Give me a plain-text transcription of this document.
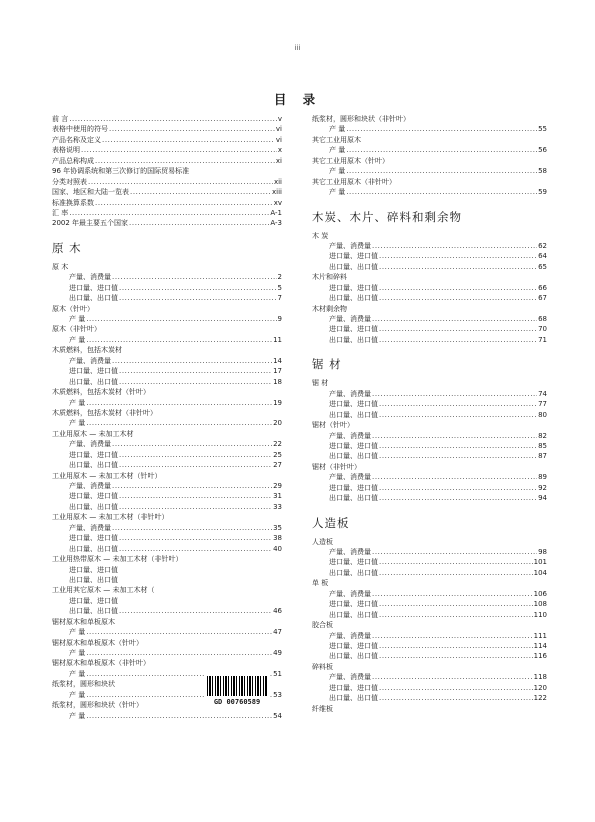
iii
目 录
前 言 .....	v
表格中使用的符号 .....	vi
产品名称及定义 .....	vi
表格说明 .....	x
产品总称构成 .....	xi
96 年协调系统和第三次修订的国际贸易标准
分类对照表 .....	xii
国家、地区和大陆一览表 .....	xiii
标准换算系数 .....	xv
汇 率 .....	A-1
2002 年最主要五个国家 .....	A-3
原 木
原 木
产量、消费量 .....	2
进口量、进口值 .....	5
出口量、出口值 .....	7
原木（针叶）
产 量 .....	9
原木（非针叶）
产 量 .....	11
木质燃料，包括木炭材
产量、消费量 .....	14
进口量、进口值 .....	17
出口量、出口值 .....	18
木质燃料，包括木炭材（针叶）
产 量 .....	19
木质燃料，包括木炭材（非针叶）
产 量 .....	20
工业用原木 — 未加工木材
产量、消费量 .....	22
进口量、进口值 .....	25
出口量、出口值 .....	27
工业用原木 — 未加工木材（针叶）
产量、消费量 .....	29
进口量、进口值 .....	31
出口量、出口值 .....	33
工业用原木 — 未加工木材（非针叶）
产量、消费量 .....	35
进口量、进口值 .....	38
出口量、出口值 .....	40
工业用热带原木 — 未加工木材（非针叶）
进口量、进口值
出口量、出口值
工业用其它原木 — 未加工木材（
进口量、进口值
出口量、出口值 .....	46
锯材原木和单板原木
产 量 .....	47
锯材原木和单板原木（针叶）
产 量 .....	49
锯材原木和单板原木（非针叶）
产 量 .....	51
纸浆材，圆形和块状
产 量 .....	53
纸浆材，圆形和块状（针叶）
产 量 .....	54
纸浆材，圆形和块状（非针叶）
产 量 .....	55
其它工业用原木
产 量 .....	56
其它工业用原木（针叶）
产 量 .....	58
其它工业用原木（非针叶）
产 量 .....	59
木炭、木片、碎料和剩余物
木 炭
产量、消费量 .....	62
进口量、进口值 .....	64
出口量、出口值 .....	65
木片和碎料
进口量、进口值 .....	66
出口量、出口值 .....	67
木材剩余物
产量、消费量 .....	68
进口量、进口值 .....	70
出口量、出口值 .....	71
锯 材
锯 材
产量、消费量 .....	74
进口量、进口值 .....	77
出口量、出口值 .....	80
锯材（针叶）
产量、消费量 .....	82
进口量、进口值 .....	85
出口量、出口值 .....	87
锯材（非针叶）
产量、消费量 .....	89
进口量、进口值 .....	92
出口量、出口值 .....	94
人造板
人造板
产量、消费量 .....	98
进口量、进口值 .....	101
出口量、出口值 .....	104
单 板
产量、消费量 .....	106
进口量、进口值 .....	108
出口量、出口值 .....	110
胶合板
产量、消费量 .....	111
进口量、进口值 .....	114
出口量、出口值 .....	116
碎料板
产量、消费量 .....	118
进口量、进口值 .....	120
出口量、出口值 .....	122
纤维板
GD 00760589
